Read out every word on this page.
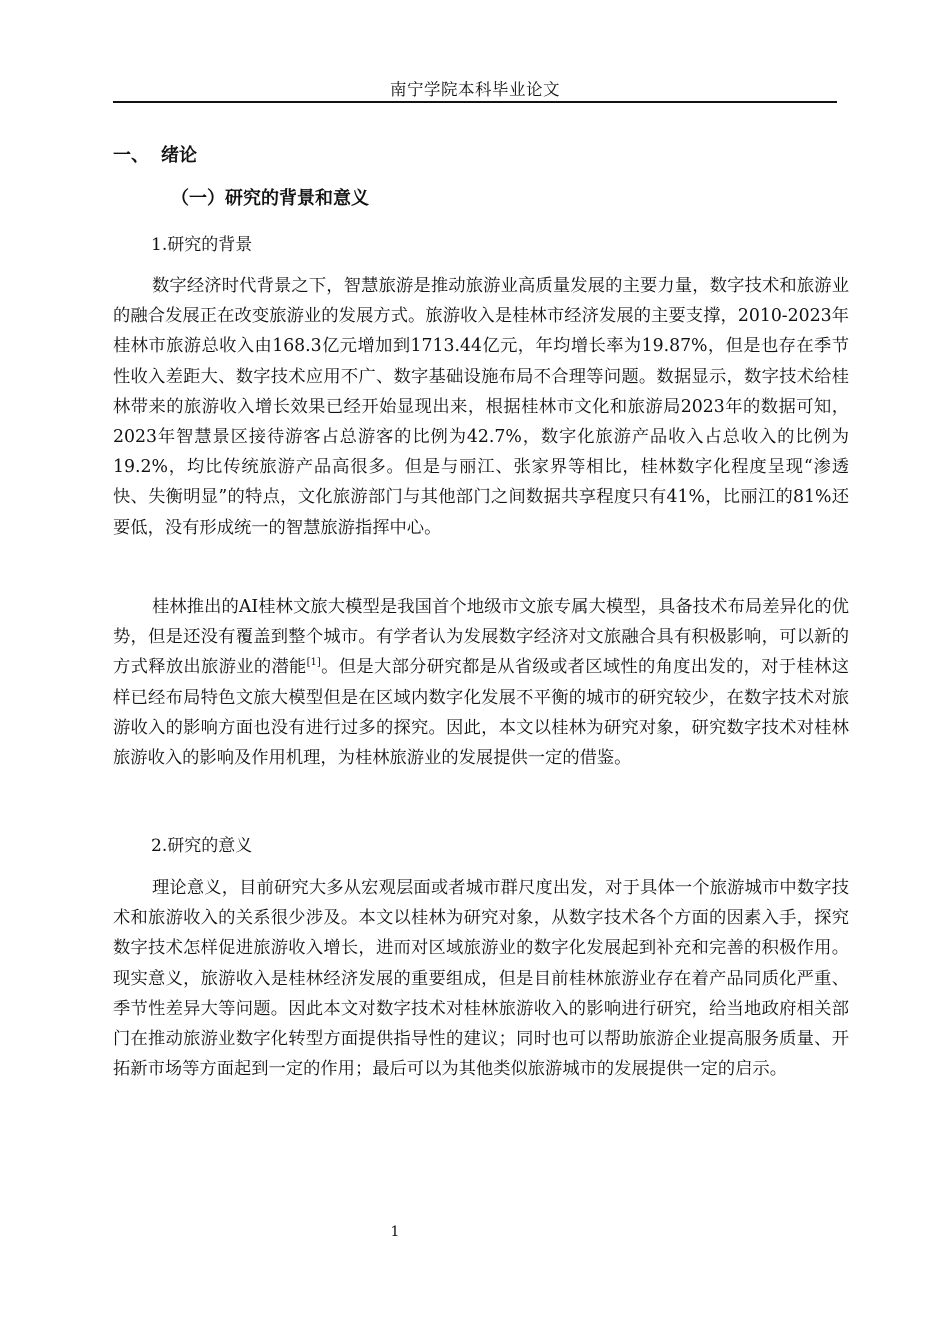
南宁学院本科毕业论文
一、 绪论
（一）研究的背景和意义
1.研究的背景

数字经济时代背景之下，智慧旅游是推动旅游业高质量发展的主要力量，数字技术和旅游业的融合发展正在改变旅游业的发展方式。旅游收入是桂林市经济发展的主要支撑，2010-2023年桂林市旅游总收入由168.3亿元增加到1713.44亿元，年均增长率为19.87%，但是也存在季节性收入差距大、数字技术应用不广、数字基础设施布局不合理等问题。数据显示，数字技术给桂林带来的旅游收入增长效果已经开始显现出来，根据桂林市文化和旅游局2023年的数据可知，2023年智慧景区接待游客占总游客的比例为42.7%，数字化旅游产品收入占总收入的比例为19.2%，均比传统旅游产品高很多。但是与丽江、张家界等相比，桂林数字化程度呈现“渗透快、失衡明显”的特点，文化旅游部门与其他部门之间数据共享程度只有41%，比丽江的81%还要低，没有形成统一的智慧旅游指挥中心。

桂林推出的AI桂林文旅大模型是我国首个地级市文旅专属大模型，具备技术布局差异化的优势，但是还没有覆盖到整个城市。有学者认为发展数字经济对文旅融合具有积极影响，可以新的方式释放出旅游业的潜能[1]。但是大部分研究都是从省级或者区域性的角度出发的，对于桂林这样已经布局特色文旅大模型但是在区域内数字化发展不平衡的城市的研究较少，在数字技术对旅游收入的影响方面也没有进行过多的探究。因此，本文以桂林为研究对象，研究数字技术对桂林旅游收入的影响及作用机理，为桂林旅游业的发展提供一定的借鉴。

2.研究的意义

理论意义，目前研究大多从宏观层面或者城市群尺度出发，对于具体一个旅游城市中数字技术和旅游收入的关系很少涉及。本文以桂林为研究对象，从数字技术各个方面的因素入手，探究数字技术怎样促进旅游收入增长，进而对区域旅游业的数字化发展起到补充和完善的积极作用。现实意义，旅游收入是桂林经济发展的重要组成，但是目前桂林旅游业存在着产品同质化严重、季节性差异大等问题。因此本文对数字技术对桂林旅游收入的影响进行研究，给当地政府相关部门在推动旅游业数字化转型方面提供指导性的建议；同时也可以帮助旅游企业提高服务质量、开拓新市场等方面起到一定的作用；最后可以为其他类似旅游城市的发展提供一定的启示。

1
